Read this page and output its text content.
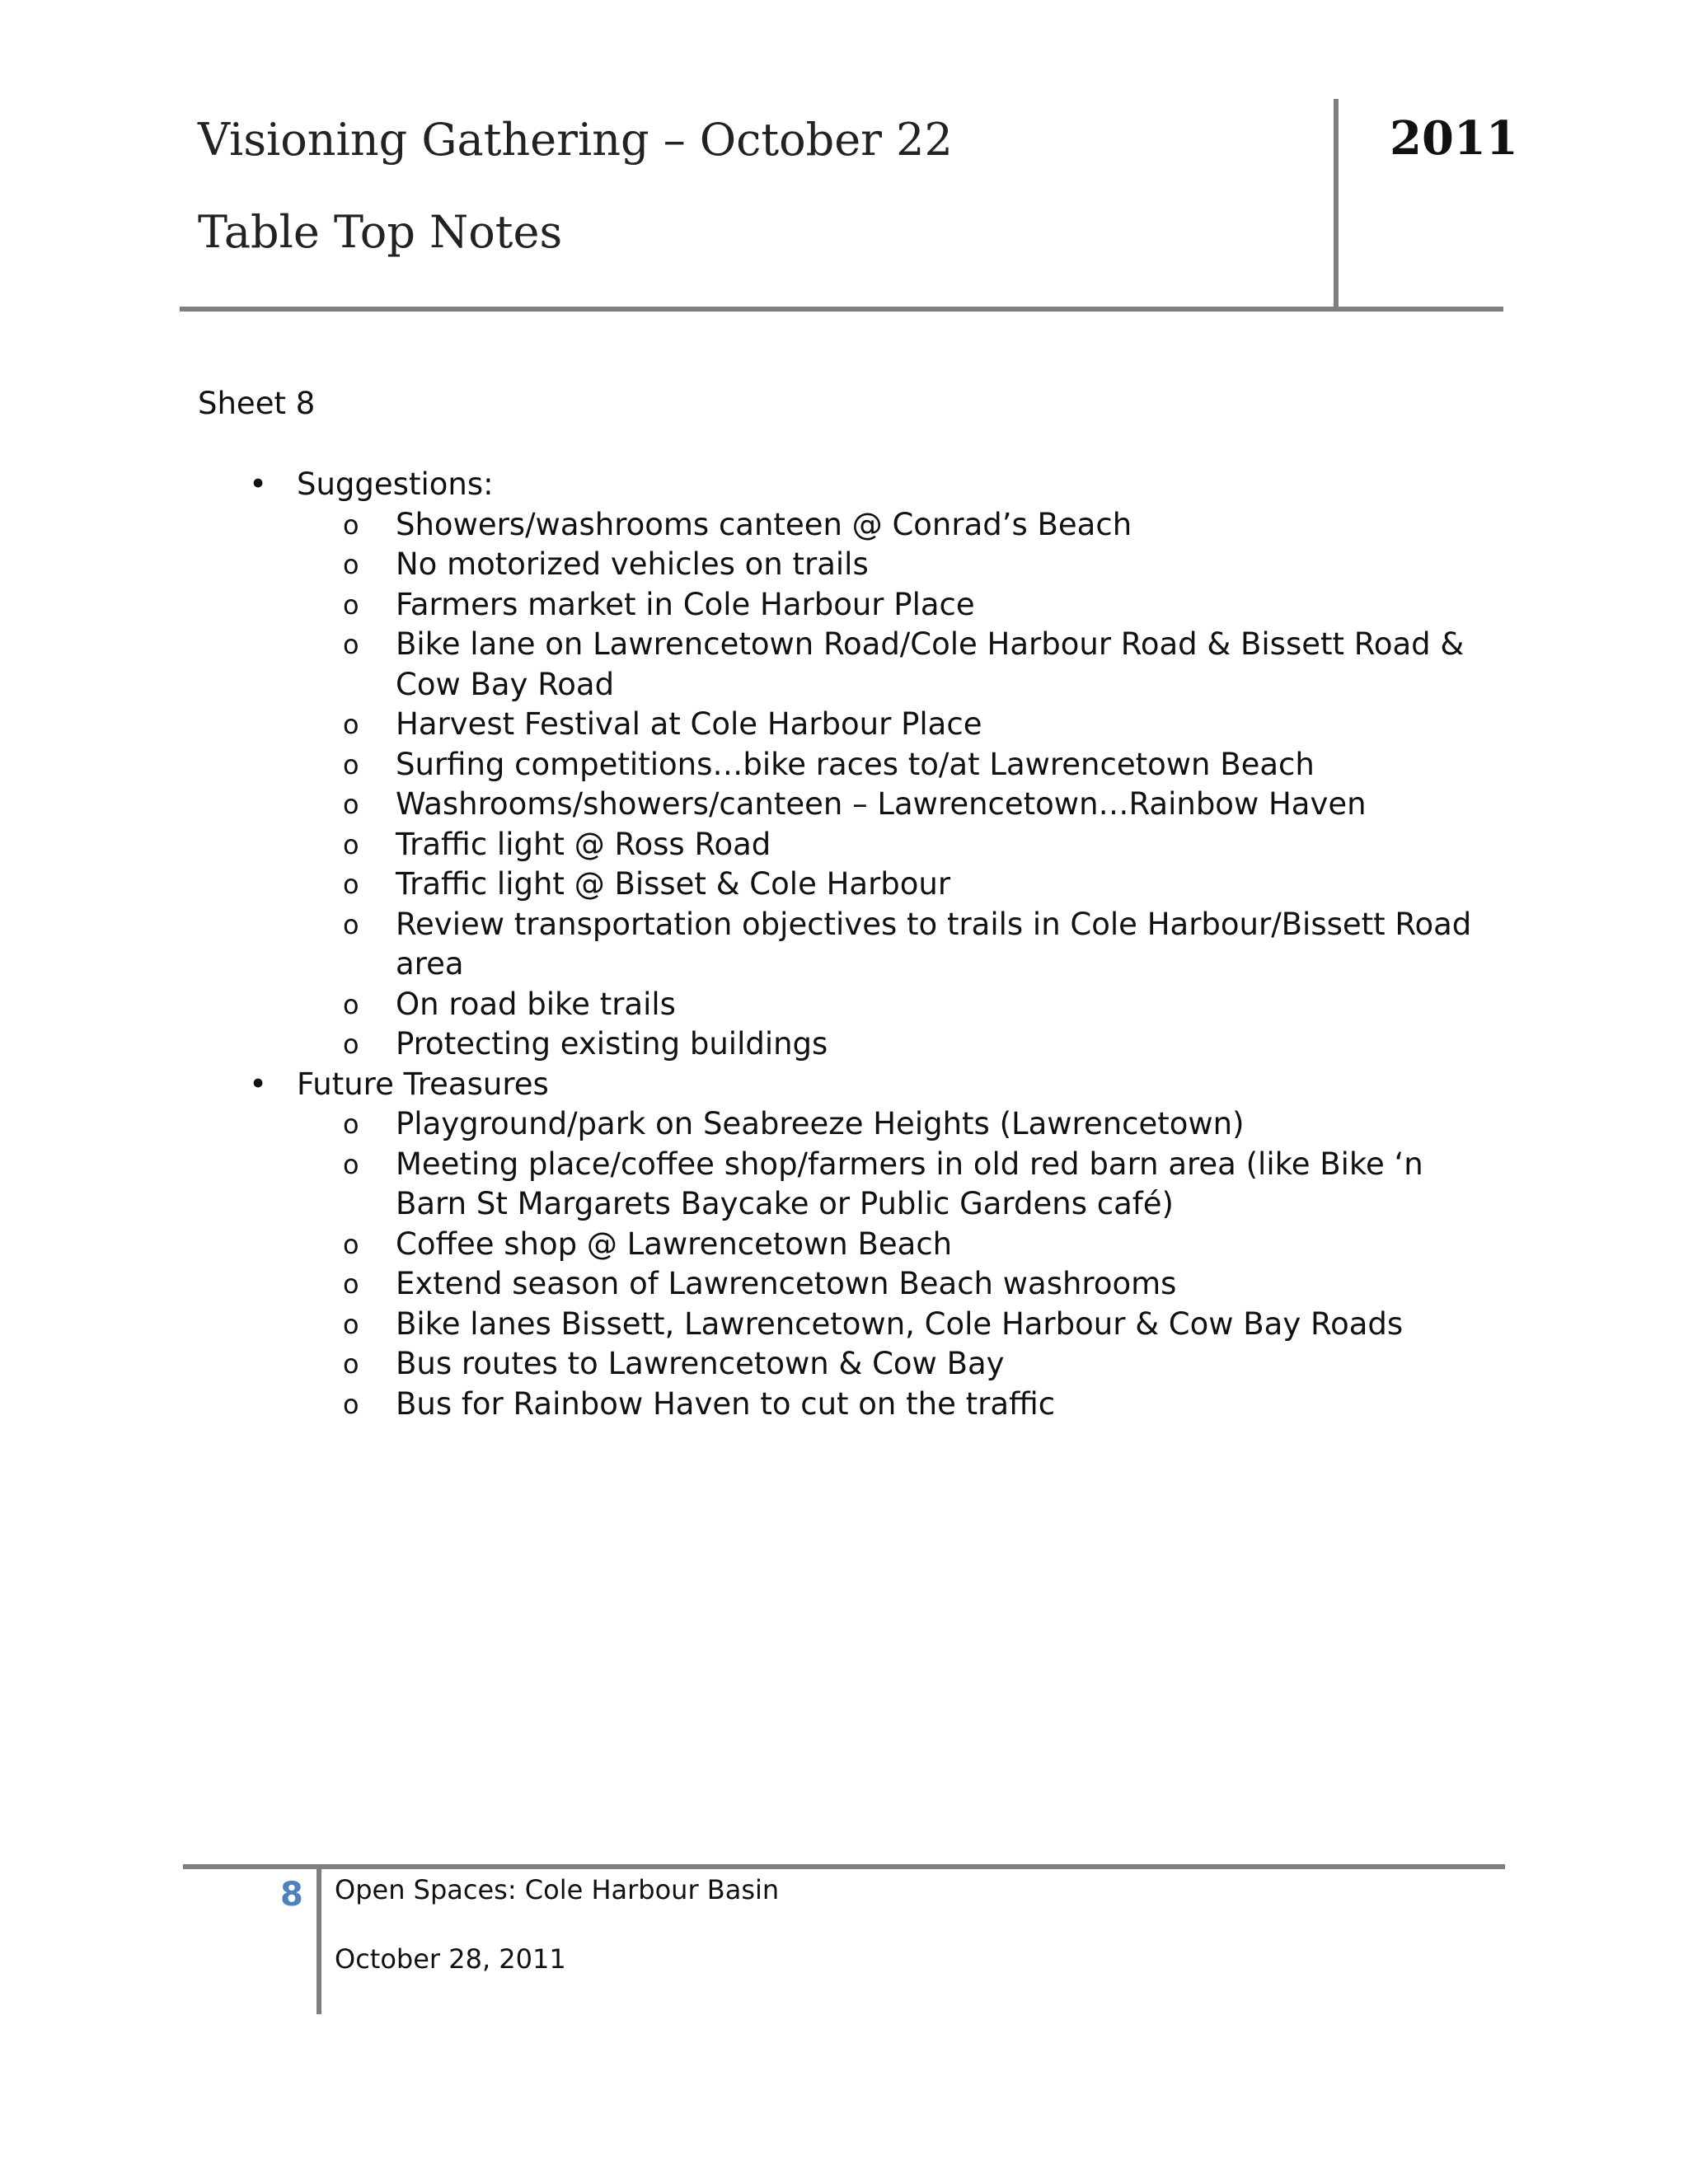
Visioning Gathering – October 22
Table Top Notes
2011
Sheet 8
• Suggestions:
o Showers/washrooms canteen @ Conrad’s Beach
o No motorized vehicles on trails
o Farmers market in Cole Harbour Place
o Bike lane on Lawrencetown Road/Cole Harbour Road & Bissett Road & Cow Bay Road
o Harvest Festival at Cole Harbour Place
o Surfing competitions…bike races to/at Lawrencetown Beach
o Washrooms/showers/canteen – Lawrencetown…Rainbow Haven
o Traffic light @ Ross Road
o Traffic light @ Bisset & Cole Harbour
o Review transportation objectives to trails in Cole Harbour/Bissett Road area
o On road bike trails
o Protecting existing buildings
• Future Treasures
o Playground/park on Seabreeze Heights (Lawrencetown)
o Meeting place/coffee shop/farmers in old red barn area (like Bike ‘n Barn St Margarets Baycake or Public Gardens café)
o Coffee shop @ Lawrencetown Beach
o Extend season of Lawrencetown Beach washrooms
o Bike lanes Bissett, Lawrencetown, Cole Harbour & Cow Bay Roads
o Bus routes to Lawrencetown & Cow Bay
o Bus for Rainbow Haven to cut on the traffic
8 Open Spaces: Cole Harbour Basin
October 28, 2011
